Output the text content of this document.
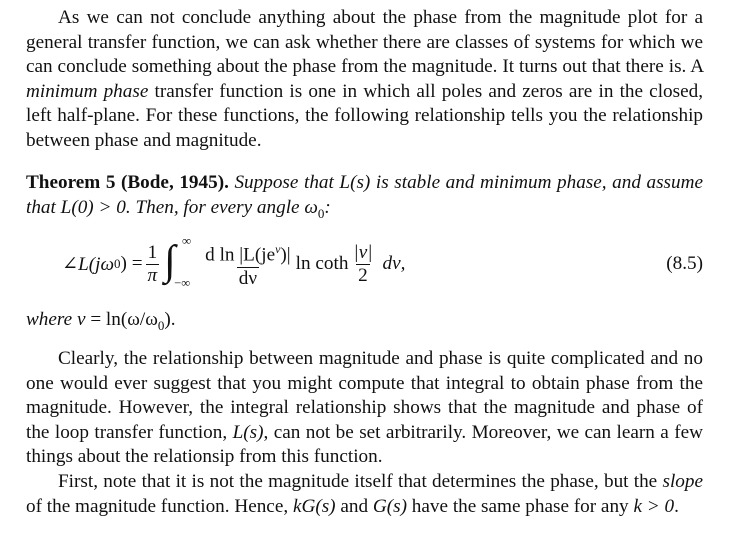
As we can not conclude anything about the phase from the magnitude plot for a general transfer function, we can ask whether there are classes of systems for which we can conclude something about the phase from the magnitude. It turns out that there is. A minimum phase transfer function is one in which all poles and zeros are in the closed, left half-plane. For these functions, the following relationship tells you the relationship between phase and magnitude.

Theorem 5 (Bode, 1945). Suppose that L(s) is stable and minimum phase, and assume that L(0) > 0. Then, for every angle $\omega_0$:

∠L(jω 0 ) = $\frac{1}{\pi}$ ∫ ∞
−∞ $\frac{d \ln |L(je^\nu)|}{d\nu}$ ln coth $\frac{|\nu|}{2} d\nu$,	(8.5)

where $\nu = \ln(\omega/\omega_0)$.

Clearly, the relationship between magnitude and phase is quite complicated and no one would ever suggest that you might compute that integral to obtain phase from the magnitude. However, the integral relationship shows that the magnitude and phase of the loop transfer function, L(s), can not be set arbitrarily. Moreover, we can learn a few things about the relationsip from this function.

First, note that it is not the magnitude itself that determines the phase, but the slope of the magnitude function. Hence, kG(s) and G(s) have the same phase for any k > 0.
